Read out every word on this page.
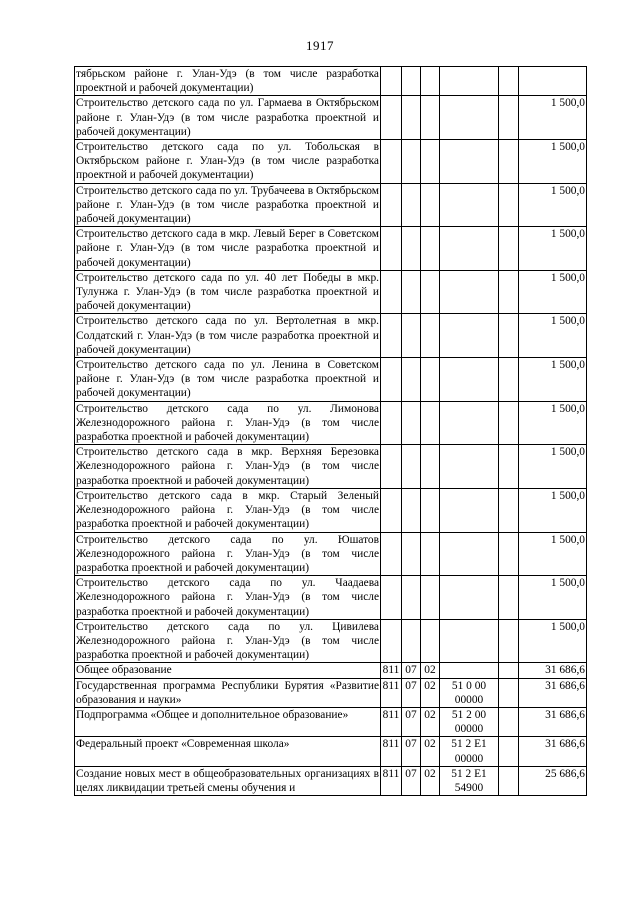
1917
тябрьском районе г. Улан-Удэ (в том числе разработка проектной и рабочей документации)						
Строительство детского сада по ул. Гармаева в Октябрьском районе г. Улан-Удэ (в том числе разработка проектной и рабочей документации)						1 500,0
Строительство детского сада по ул. Тобольская в Октябрьском районе г. Улан-Удэ (в том числе разработка проектной и рабочей документации)						1 500,0
Строительство детского сада по ул. Трубачеева в Октябрьском районе г. Улан-Удэ (в том числе разработка проектной и рабочей документации)						1 500,0
Строительство детского сада в мкр. Левый Берег в Советском районе г. Улан-Удэ (в том числе разработка проектной и рабочей документации)						1 500,0
Строительство детского сада по ул. 40 лет Победы в мкр. Тулунжа г. Улан-Удэ (в том числе разработка проектной и рабочей документации)						1 500,0
Строительство детского сада по ул. Вертолетная в мкр. Солдатский г. Улан-Удэ (в том числе разработка проектной и рабочей документации)						1 500,0
Строительство детского сада по ул. Ленина в Советском районе г. Улан-Удэ (в том числе разработка проектной и рабочей документации)						1 500,0
Строительство детского сада по ул. Лимонова Железнодорожного района г. Улан-Удэ (в том числе разработка проектной и рабочей документации)						1 500,0
Строительство детского сада в мкр. Верхняя Березовка Железнодорожного района г. Улан-Удэ (в том числе разработка проектной и рабочей документации)						1 500,0
Строительство детского сада в мкр. Старый Зеленый Железнодорожного района г. Улан-Удэ (в том числе разработка проектной и рабочей документации)						1 500,0
Строительство детского сада по ул. Юшатов Железнодорожного района г. Улан-Удэ (в том числе разработка проектной и рабочей документации)						1 500,0
Строительство детского сада по ул. Чаадаева Железнодорожного района г. Улан-Удэ (в том числе разработка проектной и рабочей документации)						1 500,0
Строительство детского сада по ул. Цивилева Железнодорожного района г. Улан-Удэ (в том числе разработка проектной и рабочей документации)						1 500,0
Общее образование	811	07	02			31 686,6
Государственная программа Республики Бурятия «Развитие образования и науки»	811	07	02	51 0 00 00000		31 686,6
Подпрограмма «Общее и дополнительное образование»	811	07	02	51 2 00 00000		31 686,6
Федеральный проект «Современная школа»	811	07	02	51 2 E1 00000		31 686,6
Создание новых мест в общеобразовательных организациях в целях ликвидации третьей смены обучения и	811	07	02	51 2 E1 54900		25 686,6
